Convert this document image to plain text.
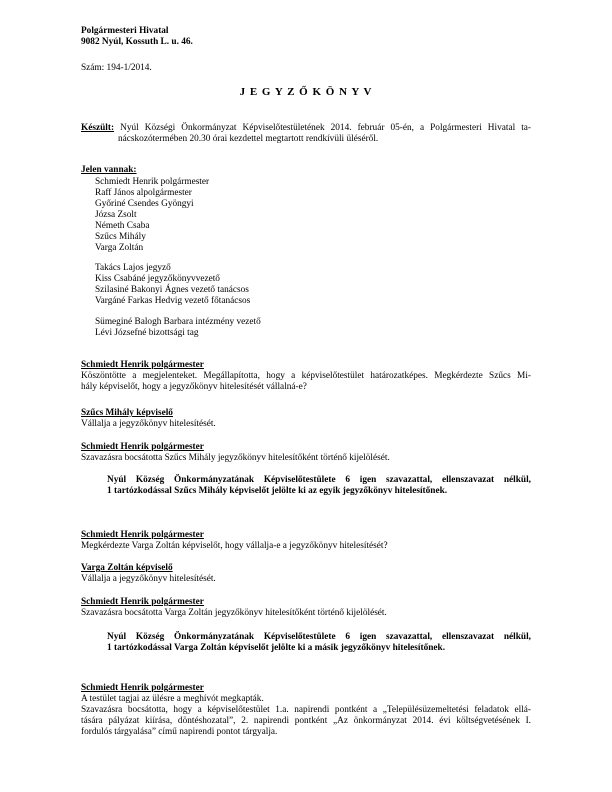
Polgármesteri Hivatal
9082 Nyúl, Kossuth L. u. 46.
Szám: 194-1/2014.
J E G Y Z Ő K Ö N Y V
Készült: Nyúl Községi Önkormányzat Képviselőtestületének 2014. február 05-én, a Polgármesteri Hivatal ta-
nácskozótermében 20.30 órai kezdettel megtartott rendkívüli üléséről.
Jelen vannak:
Schmiedt Henrik polgármester
Raff János alpolgármester
Győriné Csendes Gyöngyi
Józsa Zsolt
Németh Csaba
Szűcs Mihály
Varga Zoltán
Takács Lajos jegyző
Kiss Csabáné jegyzőkönyvvezető
Szilasiné Bakonyi Ágnes vezető tanácsos
Vargáné Farkas Hedvig vezető főtanácsos
Sümeginé Balogh Barbara intézmény vezető
Lévi Józsefné bizottsági tag
Schmiedt Henrik polgármester
Köszöntötte a megjelenteket. Megállapította, hogy a képviselőtestület határozatképes. Megkérdezte Szűcs Mi-
hály képviselőt, hogy a jegyzőkönyv hitelesítését vállalná-e?
Szűcs Mihály képviselő
Vállalja a jegyzőkönyv hitelesítését.
Schmiedt Henrik polgármester
Szavazásra bocsátotta Szűcs Mihály jegyzőkönyv hitelesítőként történő kijelölését.
Nyúl Község Önkormányzatának Képviselőtestülete 6 igen szavazattal, ellenszavazat nélkül,
1 tartózkodással Szűcs Mihály képviselőt jelölte ki az egyik jegyzőkönyv hitelesítőnek.
Schmiedt Henrik polgármester
Megkérdezte Varga Zoltán képviselőt, hogy vállalja-e a jegyzőkönyv hitelesítését?
Varga Zoltán képviselő
Vállalja a jegyzőkönyv hitelesítését.
Schmiedt Henrik polgármester
Szavazásra bocsátotta Varga Zoltán jegyzőkönyv hitelesítőként történő kijelölését.
Nyúl Község Önkormányzatának Képviselőtestülete 6 igen szavazattal, ellenszavazat nélkül,
1 tartózkodással Varga Zoltán képviselőt jelölte ki a másik jegyzőkönyv hitelesítőnek.
Schmiedt Henrik polgármester
A testület tagjai az ülésre a meghívót megkapták.
Szavazásra bocsátotta, hogy a képviselőtestület 1.a. napirendi pontként a „Településüzemeltetési feladatok ellá-
tására pályázat kiírása, döntéshozatal”, 2. napirendi pontként „Az önkormányzat 2014. évi költségvetésének I.
fordulós tárgyalása” című napirendi pontot tárgyalja.
